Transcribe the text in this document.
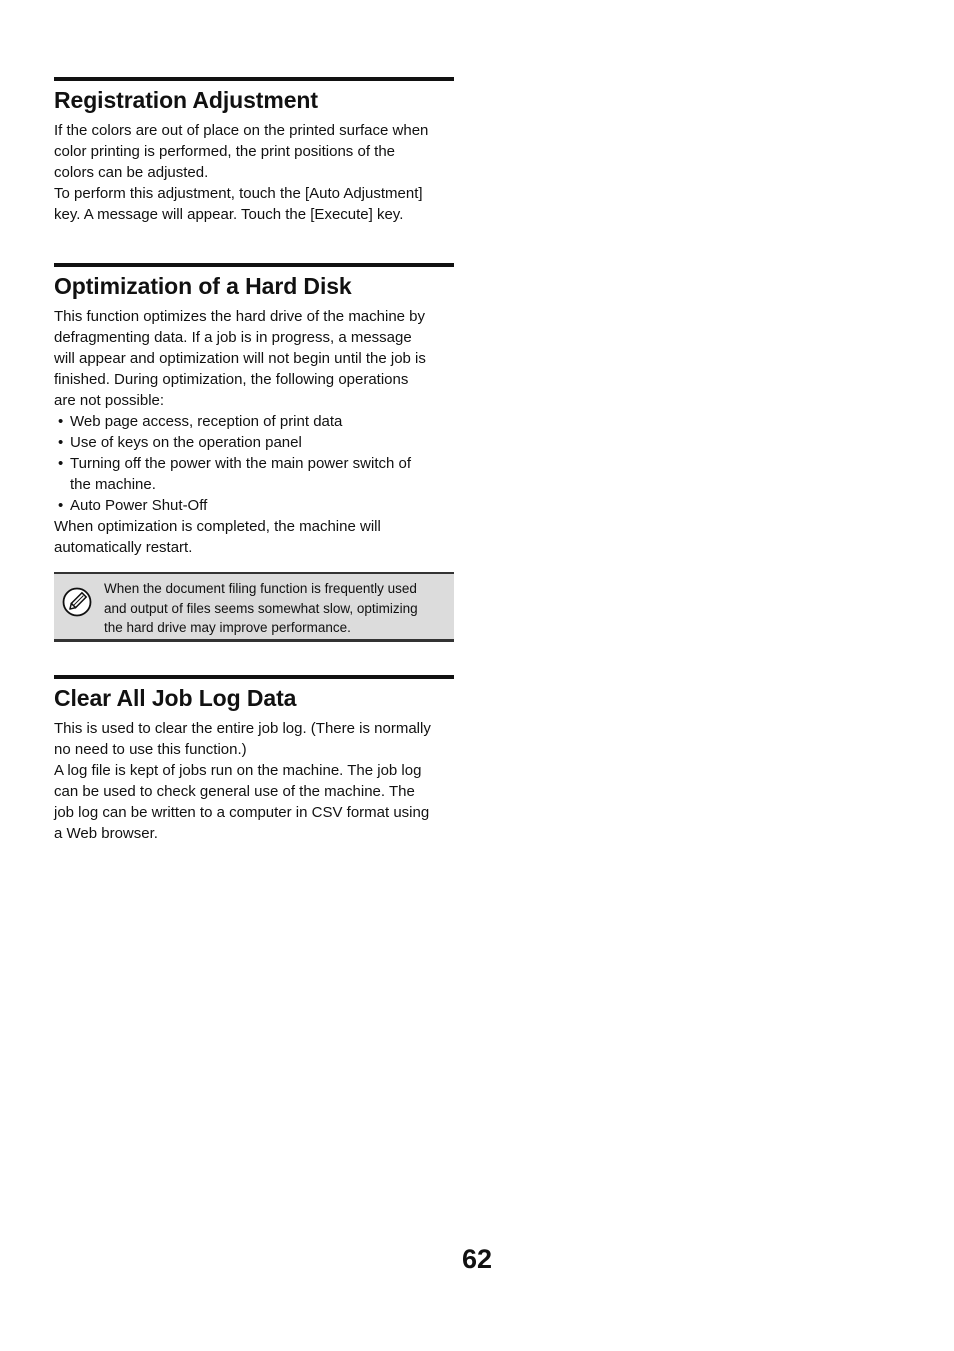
Registration Adjustment

If the colors are out of place on the printed surface when
color printing is performed, the print positions of the
colors can be adjusted.

To perform this adjustment, touch the [Auto Adjustment]
key. A message will appear. Touch the [Execute] key.

Optimization of a Hard Disk

This function optimizes the hard drive of the machine by
defragmenting data. If a job is in progress, a message
will appear and optimization will not begin until the job is
finished. During optimization, the following operations
are not possible:

• Web page access, reception of print data
• Use of keys on the operation panel
• Turning off the power with the main power switch of
the machine.
• Auto Power Shut-Off

When optimization is completed, the machine will
automatically restart.

When the document filing function is frequently used
and output of files seems somewhat slow, optimizing
the hard drive may improve performance.
Clear All Job Log Data

This is used to clear the entire job log. (There is normally
no need to use this function.)

A log file is kept of jobs run on the machine. The job log
can be used to check general use of the machine. The
job log can be written to a computer in CSV format using
a Web browser.

62
